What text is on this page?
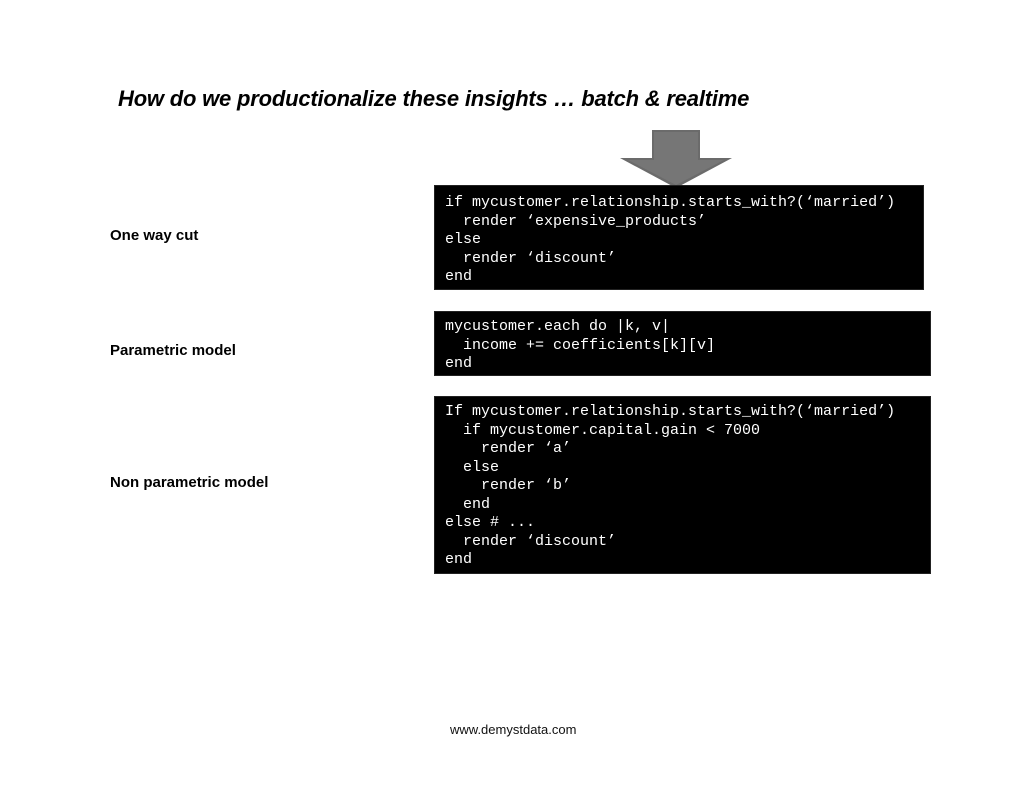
How do we productionalize these insights … batch & realtime
One way cut
if mycustomer.relationship.starts_with?(‘married’)
render ‘expensive_products’
else
render ‘discount’
end
Parametric model
mycustomer.each do |k, v|
income += coefficients[k][v]
end
Non parametric model
If mycustomer.relationship.starts_with?(‘married’)
if mycustomer.capital.gain < 7000
render ‘a’
else
render ‘b’
end
else # ...
render ‘discount’
end
www.demystdata.com
